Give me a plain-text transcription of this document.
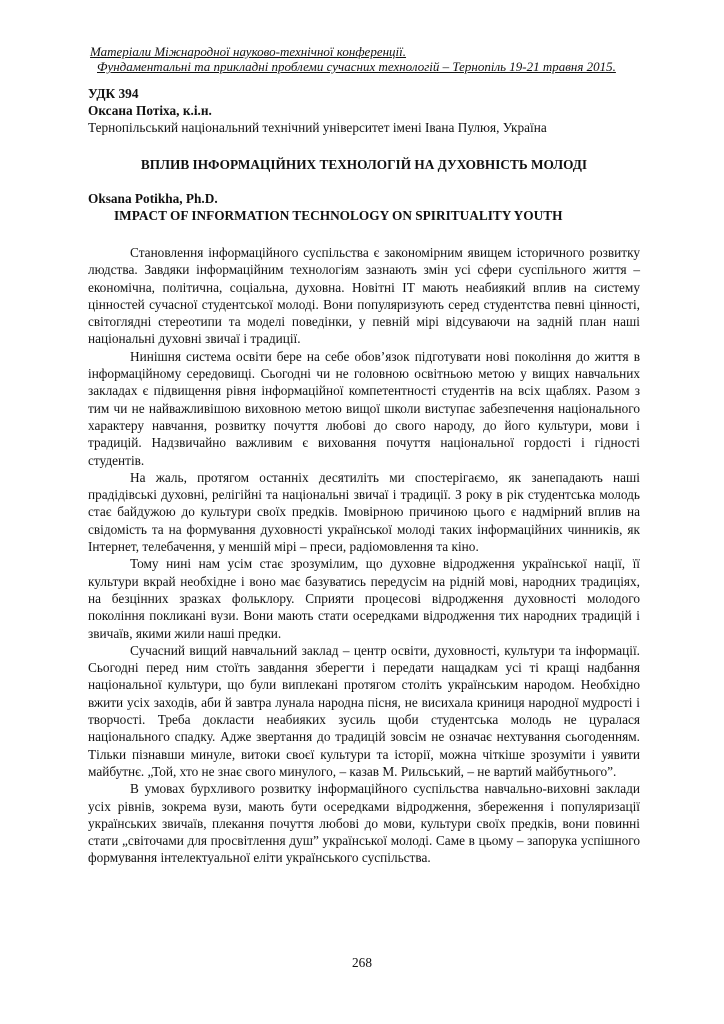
Матеріали Міжнародної науково-технічної конференції.
Фундаментальні та прикладні проблеми сучасних технологій – Тернопіль 19-21 травня 2015.
УДК 394
Оксана Потіха, к.і.н.
Тернопільський національний технічний університет імені Івана Пулюя, Україна
ВПЛИВ ІНФОРМАЦІЙНИХ ТЕХНОЛОГІЙ НА ДУХОВНІСТЬ МОЛОДІ
Oksana Potikha, Ph.D.
IMPACT OF INFORMATION TECHNOLOGY ON SPIRITUALITY YOUTH

Становлення інформаційного суспільства є закономірним явищем історичного розвитку людства. Завдяки інформаційним технологіям зазнають змін усі сфери суспільного життя – економічна, політична, соціальна, духовна. Новітні ІТ мають неабиякий вплив на систему цінностей сучасної студентської молоді. Вони популяризують серед студентства певні цінності, світоглядні стереотипи та моделі поведінки, у певній мірі відсуваючи на задній план наші національні духовні звичаї і традиції.

Нинішня система освіти бере на себе обов’язок підготувати нові покоління до життя в інформаційному середовищі. Сьогодні чи не головною освітньою метою у вищих навчальних закладах є підвищення рівня інформаційної компетентності студентів на всіх щаблях. Разом з тим чи не найважливішою виховною метою вищої школи виступає забезпечення національного характеру навчання, розвитку почуття любові до свого народу, до його культури, мови і традицій. Надзвичайно важливим є виховання почуття національної гордості і гідності студентів.

На жаль, протягом останніх десятиліть ми спостерігаємо, як занепадають наші прадідівські духовні, релігійні та національні звичаї і традиції. З року в рік студентська молодь стає байдужою до культури своїх предків. Імовірною причиною цього є надмірний вплив на свідомість та на формування духовності української молоді таких інформаційних чинників, як Інтернет, телебачення, у меншій мірі – преси, радіомовлення та кіно.

Тому нині нам усім стає зрозумілим, що духовне відродження української нації, її культури вкрай необхідне і воно має базуватись передусім на рідній мові, народних традиціях, на безцінних зразках фольклору. Сприяти процесові відродження духовності молодого покоління покликані вузи. Вони мають стати осередками відродження тих народних традицій і звичаїв, якими жили наші предки.

Сучасний вищий навчальний заклад – центр освіти, духовності, культури та інформації. Сьогодні перед ним стоїть завдання зберегти і передати нащадкам усі ті кращі надбання національної культури, що були виплекані протягом століть українським народом. Необхідно вжити усіх заходів, аби й завтра лунала народна пісня, не висихала криниця народної мудрості і творчості. Треба докласти неабияких зусиль щоби студентська молодь не цуралася національного спадку. Адже звертання до традицій зовсім не означає нехтування сьогоденням. Тільки пізнавши минуле, витоки своєї культури та історії, можна чіткіше зрозуміти і уявити майбутнє. „Той, хто не знає свого минулого, – казав М. Рильський, – не вартий майбутнього”.

В умовах бурхливого розвитку інформаційного суспільства навчально-виховні заклади усіх рівнів, зокрема вузи, мають бути осередками відродження, збереження і популяризації українських звичаїв, плекання почуття любові до мови, культури своїх предків, вони повинні стати „світочами для просвітлення душ” української молоді. Саме в цьому – запорука успішного формування інтелектуальної еліти українського суспільства.

268
